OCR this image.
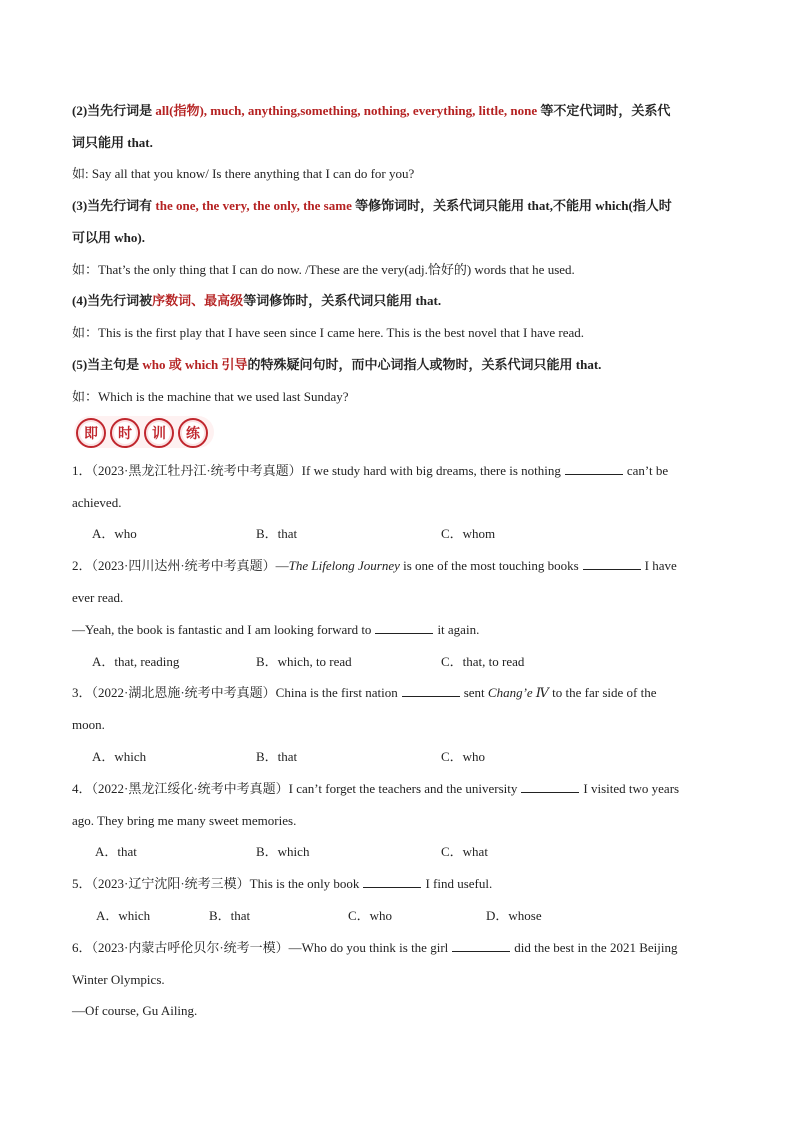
(2)当先行词是 all(指物), much, anything,something, nothing, everything, little, none 等不定代词时，关系代
词只能用 that.
如: Say all that you know/ Is there anything that I can do for you?
(3)当先行词有 the one, the very, the only, the same 等修饰词时，关系代词只能用 that,不能用 which(指人时
可以用 who).
如：That’s the only thing that I can do now. /These are the very(adj.恰好的) words that he used.
(4)当先行词被序数词、最高级等词修饰时，关系代词只能用 that.
如：This is the first play that I have seen since I came here. This is the best novel that I have read.
(5)当主句是 who 或 which 引导的特殊疑问句时，而中心词指人或物时，关系代词只能用 that.
如：Which is the machine that we used last Sunday?
即	时	训	练
1．（2023·黑龙江牡丹江·统考中考真题）If we study hard with big dreams, there is nothing	can’t be
achieved.
A．who	B．that	C．whom
2．（2023·四川达州·统考中考真题）—The Lifelong Journey is one of the most touching books	I have
ever read.
—Yeah, the book is fantastic and I am looking forward to	it again.
A．that, reading	B．which, to read	C．that, to read
3．（2022·湖北恩施·统考中考真题）China is the first nation	sent Chang’e Ⅳ to the far side of the
moon.
A．which	B．that	C．who
4．（2022·黑龙江绥化·统考中考真题）I can’t forget the teachers and the university	I visited two years
ago. They bring me many sweet memories.
A．that	B．which	C．what
5．（2023·辽宁沈阳·统考三模）This is the only book	I find useful.
A．which	B．that	C．who	D．whose
6．（2023·内蒙古呼伦贝尔·统考一模）—Who do you think is the girl	did the best in the 2021 Beijing
Winter Olympics.
—Of course, Gu Ailing.
